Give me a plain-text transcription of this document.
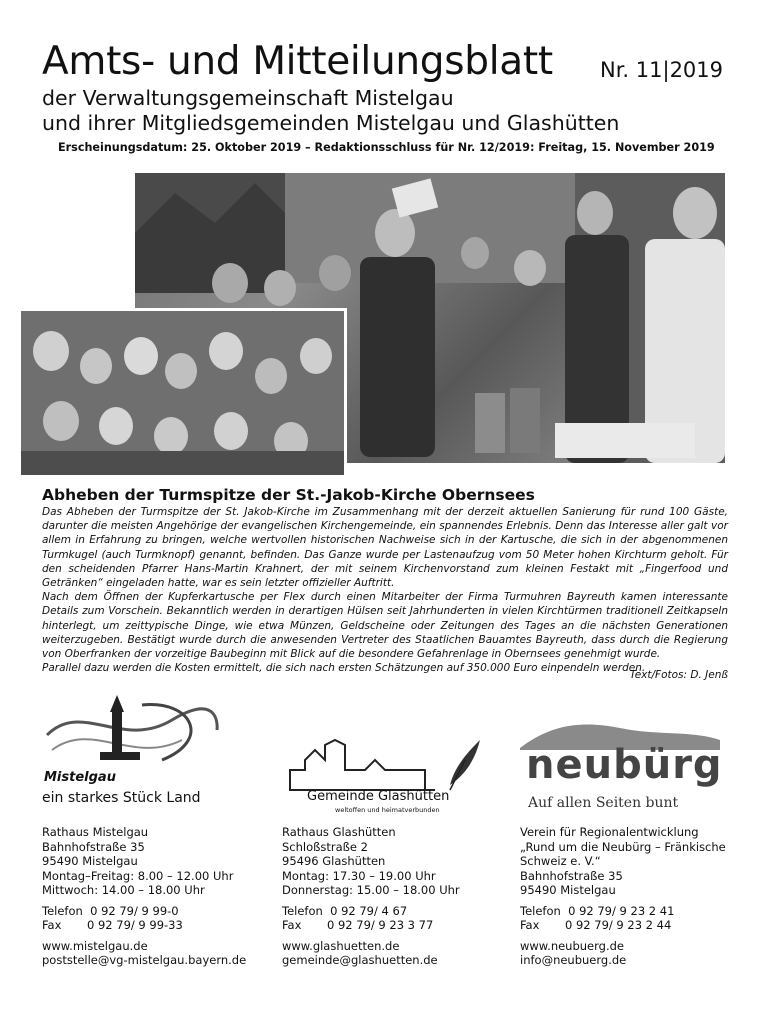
Amts- und Mitteilungsblatt Nr. 11|2019
der Verwaltungsgemeinschaft Mistelgau
und ihrer Mitgliedsgemeinden Mistelgau und Glashütten
Erscheinungsdatum: 25. Oktober 2019 – Redaktionsschluss für Nr. 12/2019: Freitag, 15. November 2019
Abheben der Turmspitze der St.-Jakob-Kirche Obernsees

Das Abheben der Turmspitze der St. Jakob-Kirche im Zusammenhang mit der derzeit aktuellen Sanierung für rund 100 Gäste, darunter die meisten Angehörige der evangelischen Kirchengemeinde, ein spannendes Erlebnis. Denn das Interesse aller galt vor allem in Erfahrung zu bringen, welche wertvollen historischen Nachweise sich in der Kartusche, die sich in der abgenommenen Turmkugel (auch Turmknopf) genannt, befinden. Das Ganze wurde per Lastenaufzug vom 50 Meter hohen Kirchturm geholt. Für den scheidenden Pfarrer Hans-Martin Krahnert, der mit seinem Kirchenvorstand zum kleinen Festakt mit „Fingerfood und Getränken“ eingeladen hatte, war es sein letzter offizieller Auftritt.

Nach dem Öffnen der Kupferkartusche per Flex durch einen Mitarbeiter der Firma Turmuhren Bayreuth kamen interessante Details zum Vorschein. Bekanntlich werden in derartigen Hülsen seit Jahrhunderten in vielen Kirchtürmen traditionell Zeitkapseln hinterlegt, um zeittypische Dinge, wie etwa Münzen, Geldscheine oder Zeitungen des Tages an die nächsten Generationen weiterzugeben. Bestätigt wurde durch die anwesenden Vertreter des Staatlichen Bauamtes Bayreuth, dass durch die Regierung von Oberfranken der vorzeitige Baubeginn mit Blick auf die besondere Gefahrenlage in Obernsees genehmigt wurde.

Parallel dazu werden die Kosten ermittelt, die sich nach ersten Schätzungen auf 350.000 Euro einpendeln werden.

Text/Fotos: D. Jenß
Mistelgau
ein starkes Stück Land	Gemeinde Glashütten
weltoffen und heimatverbunden
neubürg
Auf allen Seiten bunt
Rathaus Mistelgau
Bahnhofstraße 35
95490 Mistelgau
Montag–Freitag: 8.00 – 12.00 Uhr
Mittwoch: 14.00 – 18.00 Uhr
Telefon  0 92 79/ 9 99-0
Fax       0 92 79/ 9 99-33
www.mistelgau.de
poststelle@vg-mistelgau.bayern.de
Rathaus Glashütten
Schloßstraße 2
95496 Glashütten
Montag: 17.30 – 19.00 Uhr
Donnerstag: 15.00 – 18.00 Uhr
Telefon  0 92 79/ 4 67
Fax       0 92 79/ 9 23 3 77
www.glashuetten.de
gemeinde@glashuetten.de
Verein für Regionalentwicklung
„Rund um die Neubürg – Fränkische
Schweiz e. V.“
Bahnhofstraße 35
95490 Mistelgau
Telefon  0 92 79/ 9 23 2 41
Fax       0 92 79/ 9 23 2 44
www.neubuerg.de
info@neubuerg.de
